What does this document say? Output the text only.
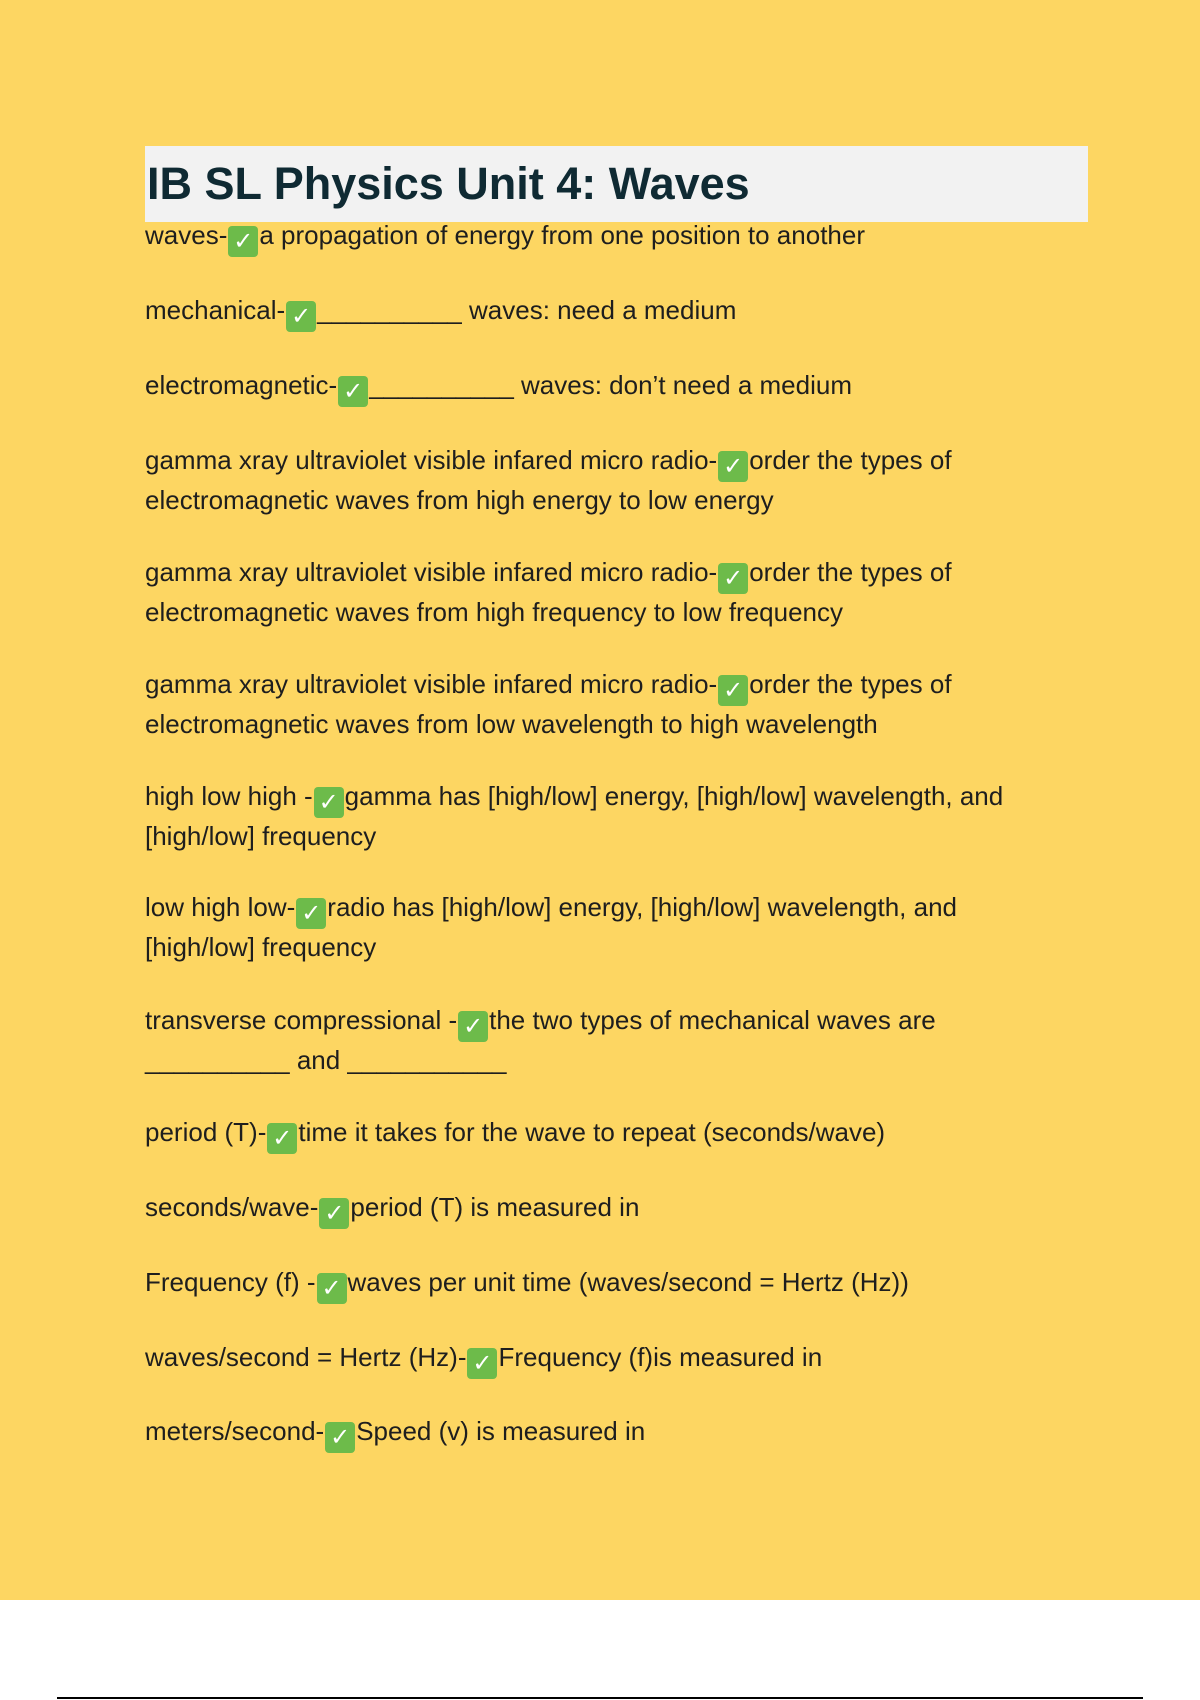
IB SL Physics Unit 4: Waves
waves- ✓ a propagation of energy from one position to another
mechanical- ✓ __________ waves: need a medium
electromagnetic- ✓ __________ waves: don’t need a medium
gamma xray ultraviolet visible infared micro radio- ✓ order the types of
electromagnetic waves from high energy to low energy
gamma xray ultraviolet visible infared micro radio- ✓ order the types of
electromagnetic waves from high frequency to low frequency
gamma xray ultraviolet visible infared micro radio- ✓ order the types of
electromagnetic waves from low wavelength to high wavelength
high low high - ✓ gamma has [high/low] energy, [high/low] wavelength, and
[high/low] frequency
low high low- ✓ radio has [high/low] energy, [high/low] wavelength, and
[high/low] frequency
transverse compressional - ✓ the two types of mechanical waves are
__________ and ___________
period (T)- ✓ time it takes for the wave to repeat (seconds/wave)
seconds/wave- ✓ period (T) is measured in
Frequency (f) - ✓ waves per unit time (waves/second = Hertz (Hz))
waves/second = Hertz (Hz)- ✓ Frequency (f)is measured in
meters/second- ✓ Speed (v) is measured in
